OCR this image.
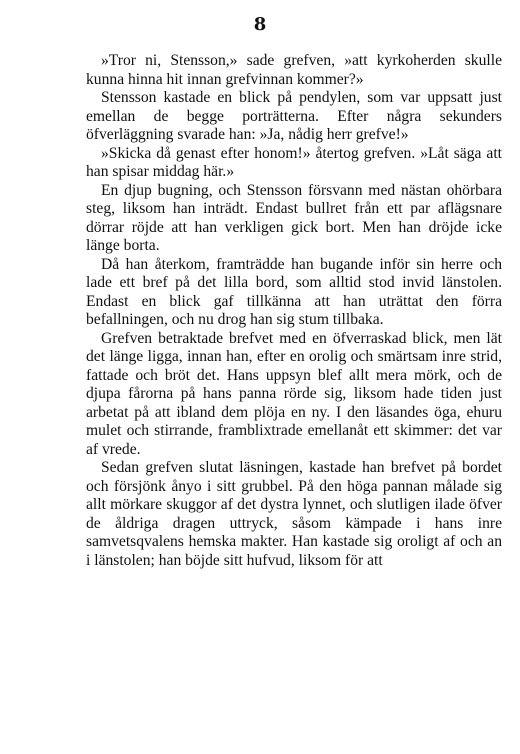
8

»Tror ni, Stensson,» sade grefven, »att kyrkoherden skulle kunna hinna hit innan grefvinnan kommer?»

Stensson kastade en blick på pendylen, som var uppsatt just emellan de begge porträtterna. Efter några sekunders öfverläggning svarade han: »Ja, nådig herr grefve!»

»Skicka då genast efter honom!» återtog grefven. »Låt säga att han spisar middag här.»

En djup bugning, och Stensson försvann med nästan ohörbara steg, liksom han inträdt. Endast bullret från ett par aflägsnare dörrar röjde att han verkligen gick bort. Men han dröjde icke länge borta.

Då han återkom, framträdde han bugande inför sin herre och lade ett bref på det lilla bord, som alltid stod invid länstolen. Endast en blick gaf tillkänna att han uträttat den förra befallningen, och nu drog han sig stum tillbaka.

Grefven betraktade brefvet med en öfverraskad blick, men lät det länge ligga, innan han, efter en orolig och smärtsam inre strid, fattade och bröt det. Hans uppsyn blef allt mera mörk, och de djupa fårorna på hans panna rörde sig, liksom hade tiden just arbetat på att ibland dem plöja en ny. I den läsandes öga, ehuru mulet och stirrande, framblixtrade emellanåt ett skimmer: det var af vrede.

Sedan grefven slutat läsningen, kastade han brefvet på bordet och försjönk ånyo i sitt grubbel. På den höga pannan målade sig allt mörkare skuggor af det dystra lynnet, och slutligen ilade öfver de åldriga dragen uttryck, såsom kämpade i hans inre samvetsqvalens hemska makter. Han kastade sig oroligt af och an i länstolen; han böjde sitt hufvud, liksom för att
